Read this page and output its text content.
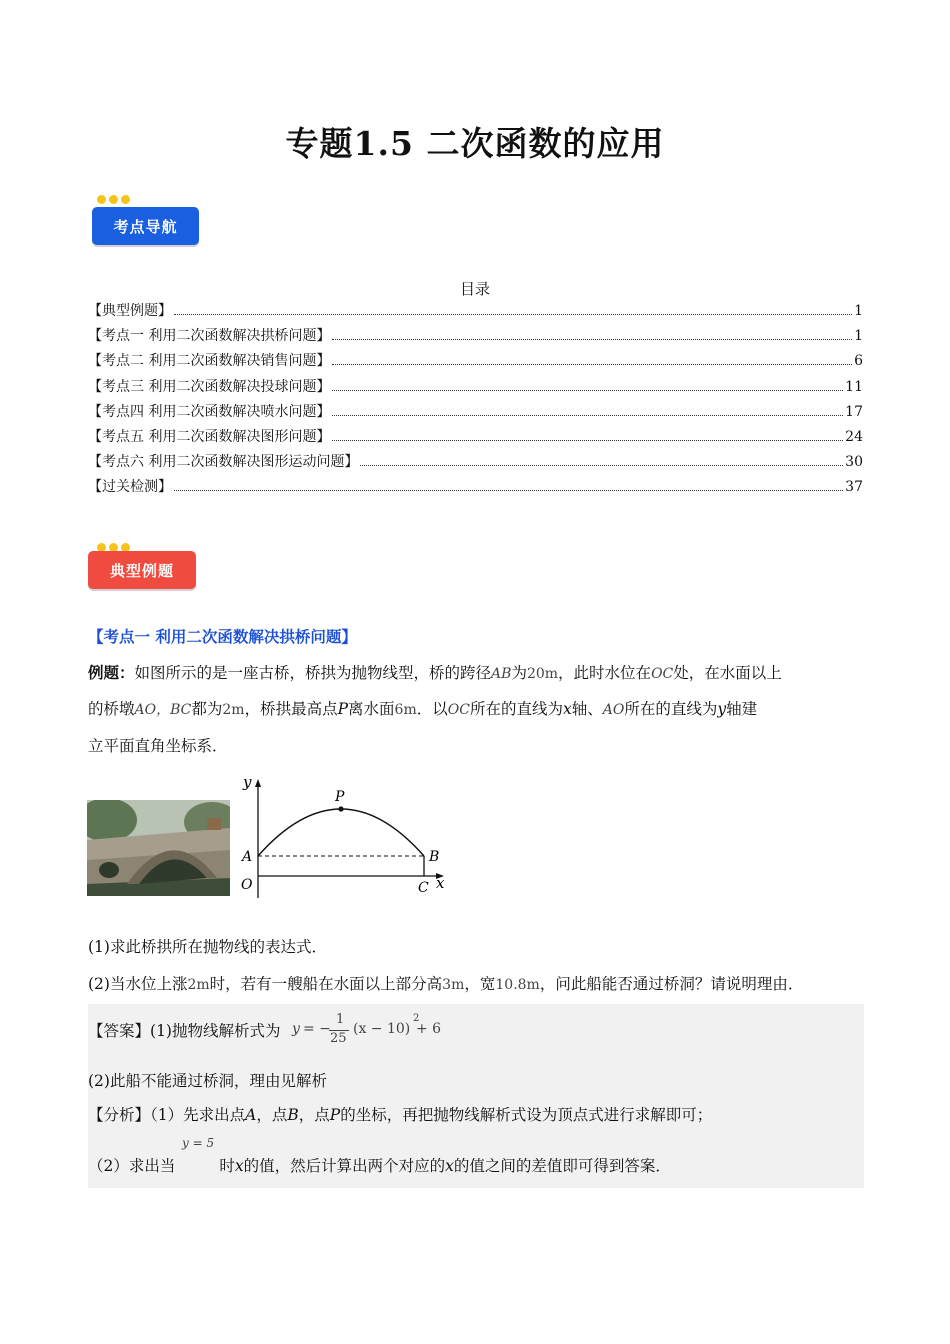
专题1.5 二次函数的应用
考点导航
目录
【典型例题】	1
【考点一 利用二次函数解决拱桥问题】	1
【考点二 利用二次函数解决销售问题】	6
【考点三 利用二次函数解决投球问题】	11
【考点四 利用二次函数解决喷水问题】	17
【考点五 利用二次函数解决图形问题】	24
【考点六 利用二次函数解决图形运动问题】	30
【过关检测】	37
典型例题
【考点一 利用二次函数解决拱桥问题】
例题：如图所示的是一座古桥，桥拱为抛物线型，桥的跨径AB为20m，此时水位在OC处，在水面以上
的桥墩AO，BC都为2m，桥拱最高点P离水面6m．以OC所在的直线为x轴、AO所在的直线为y轴建
立平面直角坐标系．
y
x
P
A	B
O	C
(1)求此桥拱所在抛物线的表达式．
(2)当水位上涨2m时，若有一艘船在水面以上部分高3m，宽10.8m，问此船能否通过桥洞？请说明理由．
【答案】(1)抛物线解析式为 y = −
1
25
(x − 10)
2
+ 6
(2)此船不能通过桥洞，理由见解析
【分析】（1）先求出点A，点B，点P的坐标，再把抛物线解析式设为顶点式进行求解即可；
（2）求出当	时x的值，然后计算出两个对应的x的值之间的差值即可得到答案．
y = 5
